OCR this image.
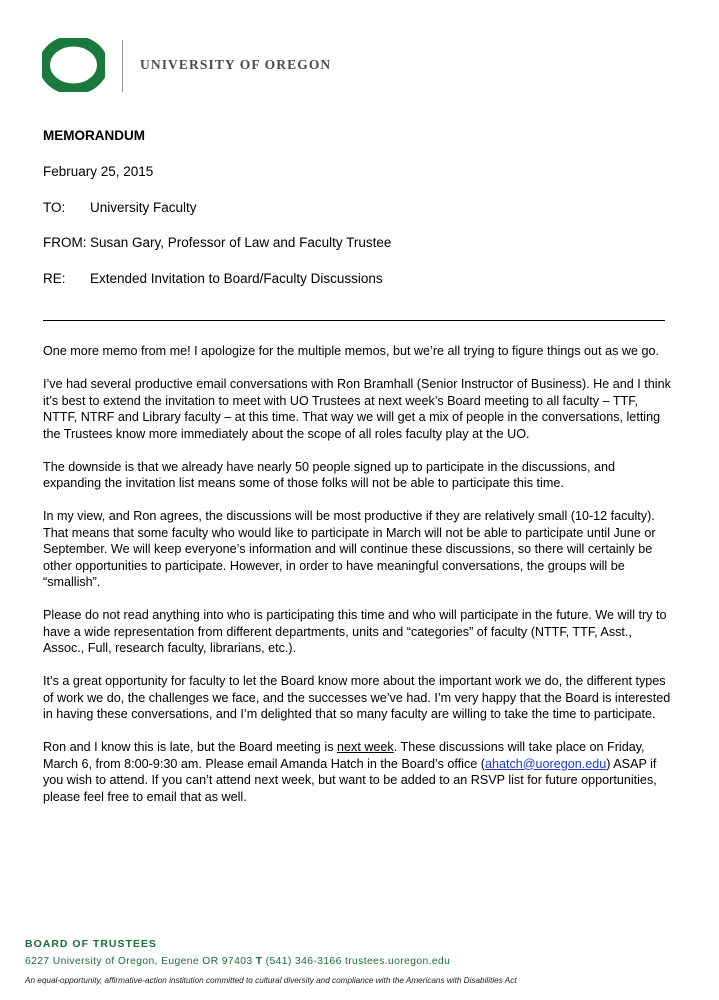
UNIVERSITY OF OREGON
MEMORANDUM
February 25, 2015
TO: University Faculty
FROM: Susan Gary, Professor of Law and Faculty Trustee
RE: Extended Invitation to Board/Faculty Discussions

One more memo from me! I apologize for the multiple memos, but we’re all trying to figure things out as we go.

I’ve had several productive email conversations with Ron Bramhall (Senior Instructor of Business). He and I think it’s best to extend the invitation to meet with UO Trustees at next week’s Board meeting to all faculty – TTF, NTTF, NTRF and Library faculty – at this time. That way we will get a mix of people in the conversations, letting the Trustees know more immediately about the scope of all roles faculty play at the UO.

The downside is that we already have nearly 50 people signed up to participate in the discussions, and expanding the invitation list means some of those folks will not be able to participate this time.

In my view, and Ron agrees, the discussions will be most productive if they are relatively small (10-12 faculty). That means that some faculty who would like to participate in March will not be able to participate until June or September. We will keep everyone’s information and will continue these discussions, so there will certainly be other opportunities to participate. However, in order to have meaningful conversations, the groups will be “smallish”.

Please do not read anything into who is participating this time and who will participate in the future. We will try to have a wide representation from different departments, units and “categories” of faculty (NTTF, TTF, Asst., Assoc., Full, research faculty, librarians, etc.).

It’s a great opportunity for faculty to let the Board know more about the important work we do, the different types of work we do, the challenges we face, and the successes we’ve had. I’m very happy that the Board is interested in having these conversations, and I’m delighted that so many faculty are willing to take the time to participate.

Ron and I know this is late, but the Board meeting is next week. These discussions will take place on Friday, March 6, from 8:00-9:30 am. Please email Amanda Hatch in the Board’s office (ahatch@uoregon.edu) ASAP if you wish to attend. If you can’t attend next week, but want to be added to an RSVP list for future opportunities, please feel free to email that as well.

BOARD OF TRUSTEES
6227 University of Oregon, Eugene OR 97403 T (541) 346-3166 trustees.uoregon.edu
An equal-opportunity, affirmative-action institution committed to cultural diversity and compliance with the Americans with Disabilities Act
